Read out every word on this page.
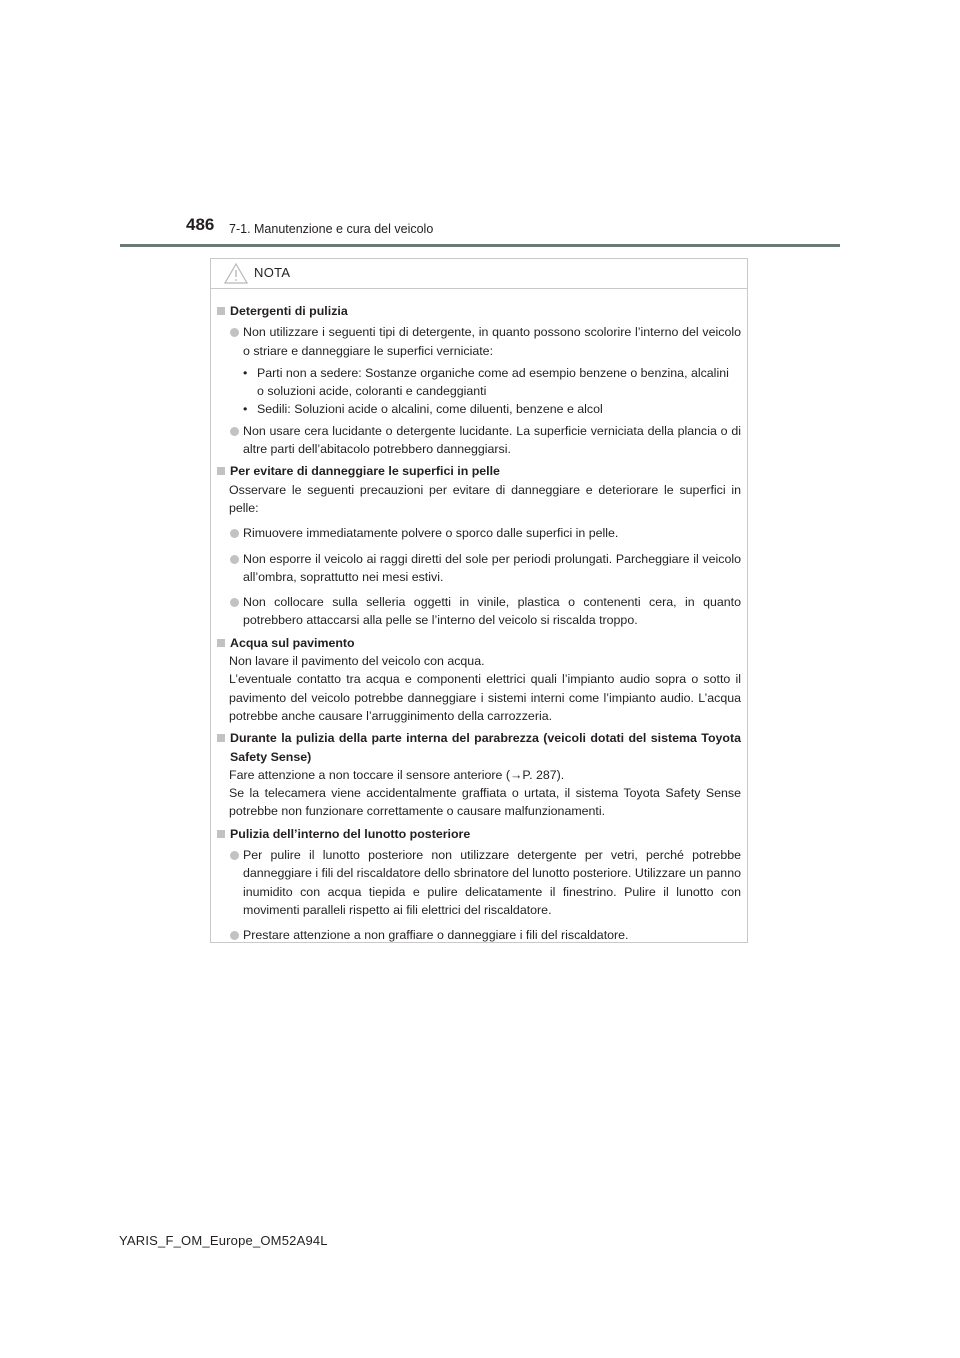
486 7-1. Manutenzione e cura del veicolo
NOTA
Detergenti di pulizia
Non utilizzare i seguenti tipi di detergente, in quanto possono scolorire l’interno del veicolo o striare e danneggiare le superfici verniciate:
• Parti non a sedere: Sostanze organiche come ad esempio benzene o benzina, alcalini o soluzioni acide, coloranti e candeggianti
• Sedili: Soluzioni acide o alcalini, come diluenti, benzene e alcol
Non usare cera lucidante o detergente lucidante. La superficie verniciata della plancia o di altre parti dell’abitacolo potrebbero danneggiarsi.
Per evitare di danneggiare le superfici in pelle
Osservare le seguenti precauzioni per evitare di danneggiare e deteriorare le superfici in pelle:
Rimuovere immediatamente polvere o sporco dalle superfici in pelle.
Non esporre il veicolo ai raggi diretti del sole per periodi prolungati. Parcheggiare il veicolo all’ombra, soprattutto nei mesi estivi.
Non collocare sulla selleria oggetti in vinile, plastica o contenenti cera, in quanto potrebbero attaccarsi alla pelle se l’interno del veicolo si riscalda troppo.
Acqua sul pavimento
Non lavare il pavimento del veicolo con acqua.
L’eventuale contatto tra acqua e componenti elettrici quali l’impianto audio sopra o sotto il pavimento del veicolo potrebbe danneggiare i sistemi interni come l’impianto audio. L’acqua potrebbe anche causare l’arrugginimento della carrozzeria.
Durante la pulizia della parte interna del parabrezza (veicoli dotati del sistema Toyota Safety Sense)
Fare attenzione a non toccare il sensore anteriore (→P. 287).
Se la telecamera viene accidentalmente graffiata o urtata, il sistema Toyota Safety Sense potrebbe non funzionare correttamente o causare malfunzionamenti.
Pulizia dell’interno del lunotto posteriore
Per pulire il lunotto posteriore non utilizzare detergente per vetri, perché potrebbe danneggiare i fili del riscaldatore dello sbrinatore del lunotto posteriore. Utilizzare un panno inumidito con acqua tiepida e pulire delicatamente il finestrino. Pulire il lunotto con movimenti paralleli rispetto ai fili elettrici del riscaldatore.
Prestare attenzione a non graffiare o danneggiare i fili del riscaldatore.
YARIS_F_OM_Europe_OM52A94L
